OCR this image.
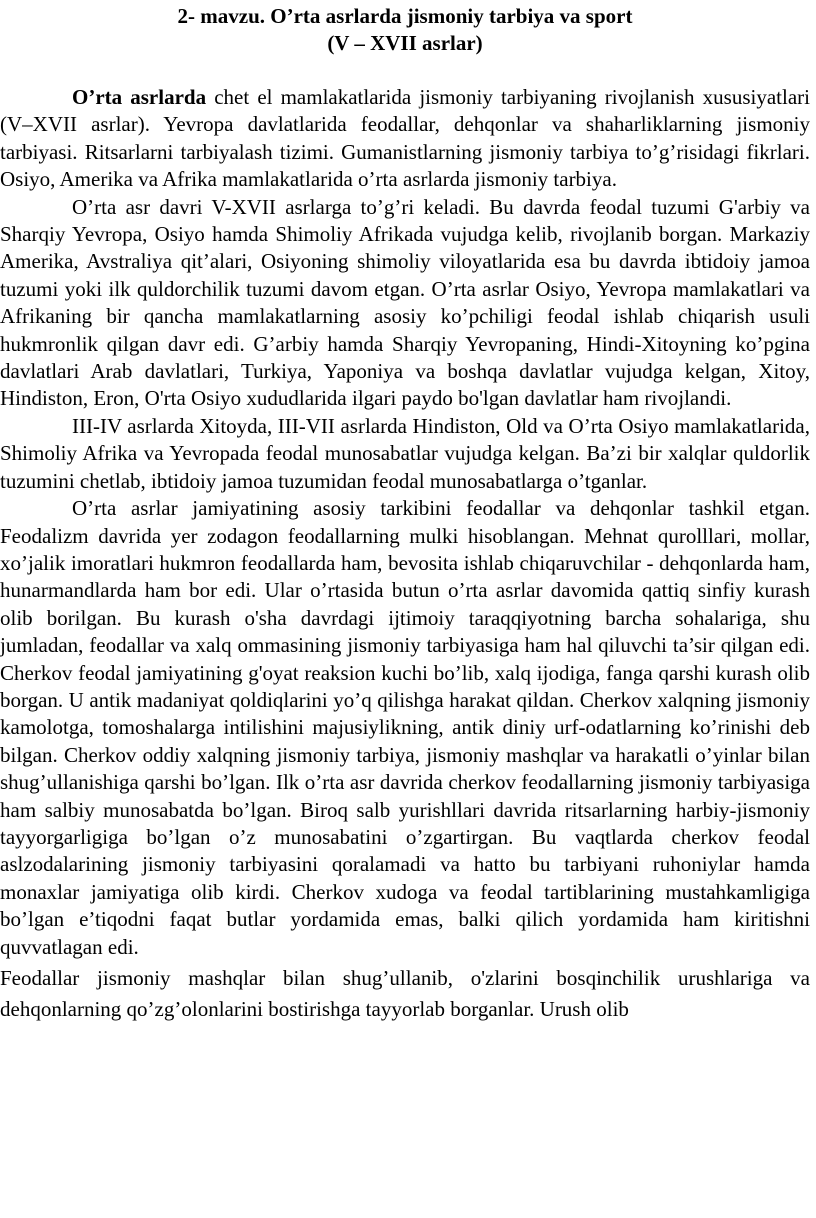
2- mavzu. O’rta asrlarda jismoniy tarbiya va sport
(V – XVII asrlar)

O’rta asrlarda chet el mamlakatlarida jismoniy tarbiyaning rivojlanish xususiyatlari (V–XVII asrlar). Yevropa davlatlarida feodallar, dehqonlar va shaharliklarning jismoniy tarbiyasi. Ritsarlarni tarbiyalash tizimi. Gumanistlarning jismoniy tarbiya to’g’risidagi fikrlari. Osiyo, Amerika va Afrika mamlakatlarida o’rta asrlarda jismoniy tarbiya.

O’rta asr davri V-XVII asrlarga to’g’ri keladi. Bu davrda feodal tuzumi G'arbiy va Sharqiy Yevropa, Osiyo hamda Shimoliy Afrikada vujudga kelib, rivojlanib borgan. Markaziy Amerika, Avstraliya qit’alari, Osiyoning shimoliy viloyatlarida esa bu davrda ibtidoiy jamoa tuzumi yoki ilk quldorchilik tuzumi davom etgan. O’rta asrlar Osiyo, Yevropa mamlakatlari va Afrikaning bir qancha mamlakatlarning asosiy ko’pchiligi feodal ishlab chiqarish usuli hukmronlik qilgan davr edi. G’arbiy hamda Sharqiy Yevropaning, Hindi-Xitoyning ko’pgina davlatlari Arab davlatlari, Turkiya, Yaponiya va boshqa davlatlar vujudga kelgan, Xitoy, Hindiston, Eron, O'rta Osiyo xududlarida ilgari paydo bo'lgan davlatlar ham rivojlandi.

III-IV asrlarda Xitoyda, III-VII asrlarda Hindiston, Old va O’rta Osiyo mamlakatlarida, Shimoliy Afrika va Yevropada feodal munosabatlar vujudga kelgan. Ba’zi bir xalqlar quldorlik tuzumini chetlab, ibtidoiy jamoa tuzumidan feodal munosabatlarga o’tganlar.

O’rta asrlar jamiyatining asosiy tarkibini feodallar va dehqonlar tashkil etgan. Feodalizm davrida yer zodagon feodallarning mulki hisoblangan. Mehnat qurolllari, mollar, xo’jalik imoratlari hukmron feodallarda ham, bevosita ishlab chiqaruvchilar - dehqonlarda ham, hunarmandlarda ham bor edi. Ular o’rtasida butun o’rta asrlar davomida qattiq sinfiy kurash olib borilgan. Bu kurash o'sha davrdagi ijtimoiy taraqqiyotning barcha sohalariga, shu jumladan, feodallar va xalq ommasining jismoniy tarbiyasiga ham hal qiluvchi ta’sir qilgan edi. Cherkov feodal jamiyatining g'oyat reaksion kuchi bo’lib, xalq ijodiga, fanga qarshi kurash olib borgan. U antik madaniyat qoldiqlarini yo’q qilishga harakat qildan. Cherkov xalqning jismoniy kamolotga, tomoshalarga intilishini majusiylikning, antik diniy urf-odatlarning ko’rinishi deb bilgan. Cherkov oddiy xalqning jismoniy tarbiya, jismoniy mashqlar va harakatli o’yinlar bilan shug’ullanishiga qarshi bo’lgan. Ilk o’rta asr davrida cherkov feodallarning jismoniy tarbiyasiga ham salbiy munosabatda bo’lgan. Biroq salb yurishllari davrida ritsarlarning harbiy-jismoniy tayyorgarligiga bo’lgan o’z munosabatini o’zgartirgan. Bu vaqtlarda cherkov feodal aslzodalarining jismoniy tarbiyasini qoralamadi va hatto bu tarbiyani ruhoniylar hamda monaxlar jamiyatiga olib kirdi. Cherkov xudoga va feodal tartiblarining mustahkamligiga bo’lgan e’tiqodni faqat butlar yordamida emas, balki qilich yordamida ham kiritishni quvvatlagan edi.

Feodallar jismoniy mashqlar bilan shug’ullanib, o'zlarini bosqinchilik urushlariga va dehqonlarning qo’zg’olonlarini bostirishga tayyorlab borganlar. Urush olib
